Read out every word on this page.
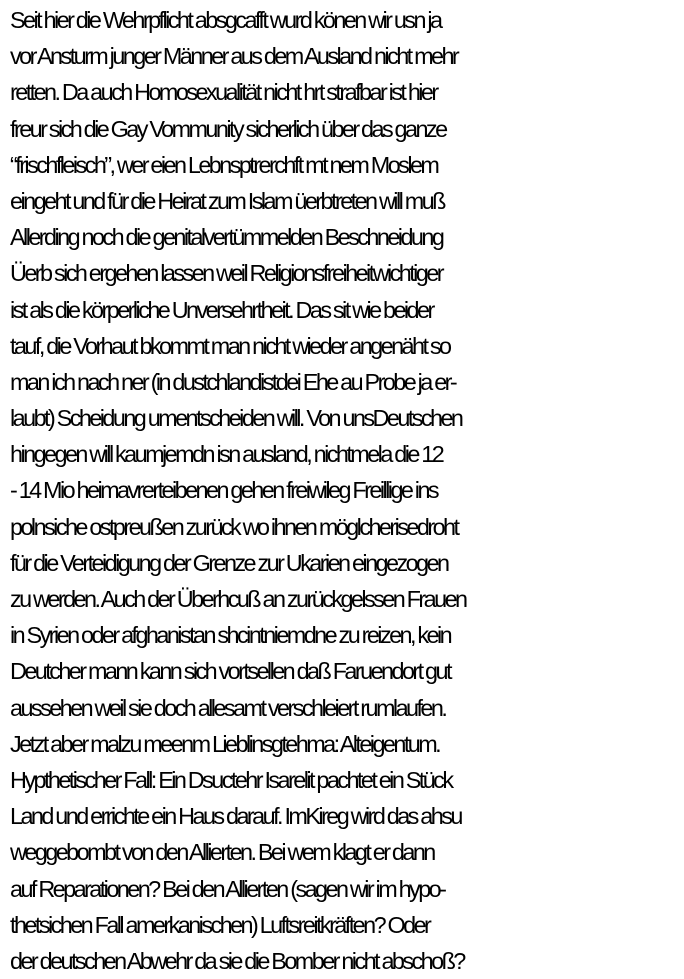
Seit hier die Wehrpflicht absgcafft wurd könen wir usn ja
vor Ansturm junger Männer aus dem Ausland nicht mehr
retten. Da auch Homosexualität nicht hrt strafbar ist hier
freur sich die Gay Vommunity sicherlich über das ganze
“frischfleisch”, wer eien Lebnsptrerchft mt nem Moslem
eingeht und für die Heirat zum Islam üerbtreten will muß
Allerding noch die genitalvertümmelden Beschneidung
Üerb sich ergehen lassen weil Religionsfreiheitwichtiger
ist als die körperliche Unversehrtheit. Das sit wie beider
tauf, die Vorhaut bkommt man nicht wieder angenäht so
man ich nach ner (in dustchlandistdei Ehe au Probe ja er-
laubt) Scheidung umentscheiden will. Von unsDeutschen
hingegen will kaumjemdn isn ausland, nichtmela die 12
- 14 Mio heimavrerteibenen gehen freiwileg Freillige ins
polnsiche ostpreußen zurück wo ihnen möglcherisedroht
für die Verteidigung der Grenze zur Ukarien eingezogen
zu werden. Auch der Überhcuß an zurückgelssen Frauen
in Syrien oder afghanistan shcintniemdne zu reizen, kein
Deutcher mann kann sich vortsellen daß Faruendort gut
aussehen weil sie doch allesamt verschleiert rumlaufen.
Jetzt aber malzu meenm Lieblinsgtehma: Alteigentum.
Hypthetischer Fall: Ein Dsuctehr Isarelit pachtet ein Stück
Land und errichte ein Haus darauf. ImKireg wird das ahsu
weggebombt von den Allierten. Bei wem klagt er dann
auf Reparationen? Bei den Allierten (sagen wir im hypo-
thetsichen Fall amerkanischen) Luftsreitkräften? Oder
der deutschen Abwehr da sie die Bomber nicht abschoß?
